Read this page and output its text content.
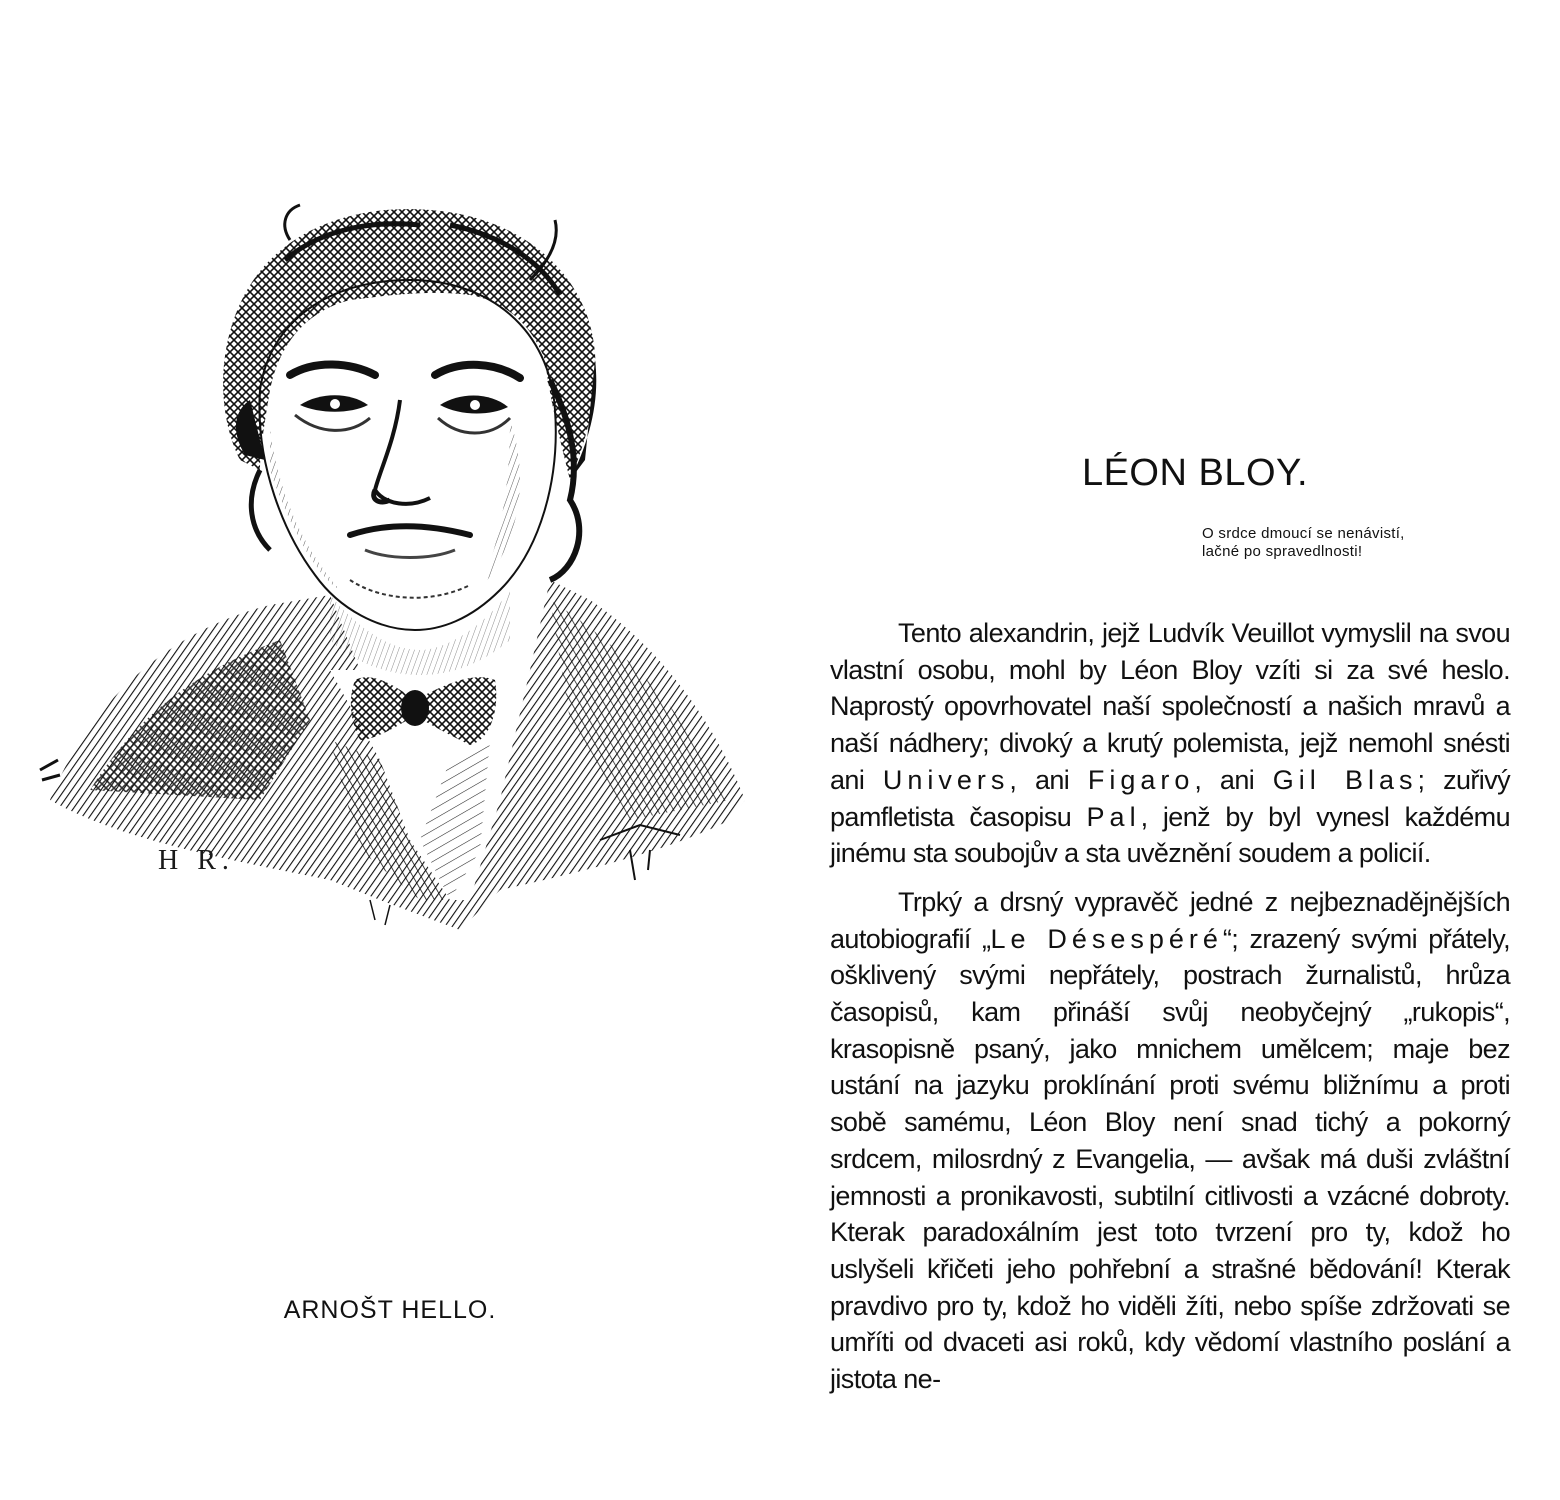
H R.
ARNOŠT HELLO.
LÉON BLOY.
O srdce dmoucí se nenávistí,
lačné po spravedlnosti!

Tento alexandrin, jejž Ludvík Veuillot vymyslil na svou vlastní osobu, mohl by Léon Bloy vzíti si za své heslo. Naprostý opovrhovatel naší společností a našich mravů a naší nádhery; divoký a krutý polemista, jejž nemohl snésti ani Univers, ani Figaro, ani Gil Blas; zuřivý pamfletista časopisu Pal, jenž by byl vynesl každému jinému sta soubojův a sta uvěznění soudem a policií.

Trpký a drsný vypravěč jedné z nejbeznadějnějších autobiografií „Le Désespéré“; zrazený svými přátely, ošklivený svými nepřátely, postrach žurnalistů, hrůza časopisů, kam přináší svůj neobyčejný „rukopis“, krasopisně psaný, jako mnichem umělcem; maje bez ustání na jazyku proklínání proti svému bližnímu a proti sobě samému, Léon Bloy není snad tichý a pokorný srdcem, milosrdný z Evangelia, — avšak má duši zvláštní jemnosti a pronikavosti, subtilní citlivosti a vzácné dobroty. Kterak paradoxálním jest toto tvrzení pro ty, kdož ho uslyšeli křičeti jeho pohřební a strašné bědování! Kterak pravdivo pro ty, kdož ho viděli žíti, nebo spíše zdržovati se umříti od dvaceti asi roků, kdy vědomí vlastního poslání a jistota ne-
